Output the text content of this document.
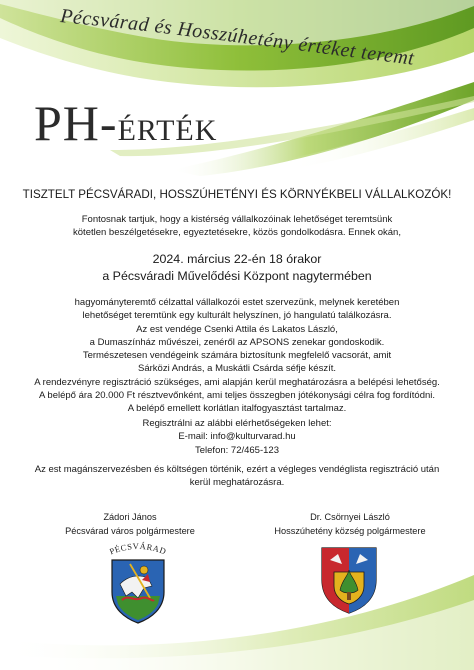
Pécsvárad és Hosszúhetény értéket teremt
PH-ÉRTÉK
TISZTELT PÉCSVÁRADI, HOSSZÚHETÉNYI ÉS KÖRNYÉKBELI VÁLLALKOZÓK!
Fontosnak tartjuk, hogy a kistérség vállalkozóinak lehetőséget teremtsünk
kötetlen beszélgetésekre, egyeztetésekre, közös gondolkodásra. Ennek okán,
2024. március 22-én 18 órakor
a Pécsváradi Művelődési Központ nagytermében
hagyományteremtő célzattal vállalkozói estet szervezünk, melynek keretében
lehetőséget teremtünk egy kulturált helyszínen, jó hangulatú találkozásra.
Az est vendége Csenki Attila és Lakatos László,
a Dumaszínház művészei, zenéről az APSONS zenekar gondoskodik.
Természetesen vendégeink számára biztosítunk megfelelő vacsorát, amit
Sárközi András, a Muskátli Csárda séfje készít.
A rendezvényre regisztráció szükséges, ami alapján kerül meghatározásra a belépési lehetőség.
A belépő ára 20.000 Ft résztvevőnként, ami teljes összegben jótékonysági célra fog fordítódni.
A belépő emellett korlátlan italfogyasztást tartalmaz.
Regisztrálni az alábbi elérhetőségeken lehet:
E-mail: info@kulturvarad.hu
Telefon: 72/465-123
Az est magánszervezésben és költségen történik, ezért a végleges vendéglista regisztráció után
kerül meghatározásra.
Zádori János
Pécsvárad város polgármestere
Dr. Csörnyei László
Hosszúhetény község polgármestere
PÉCSVÁRAD
